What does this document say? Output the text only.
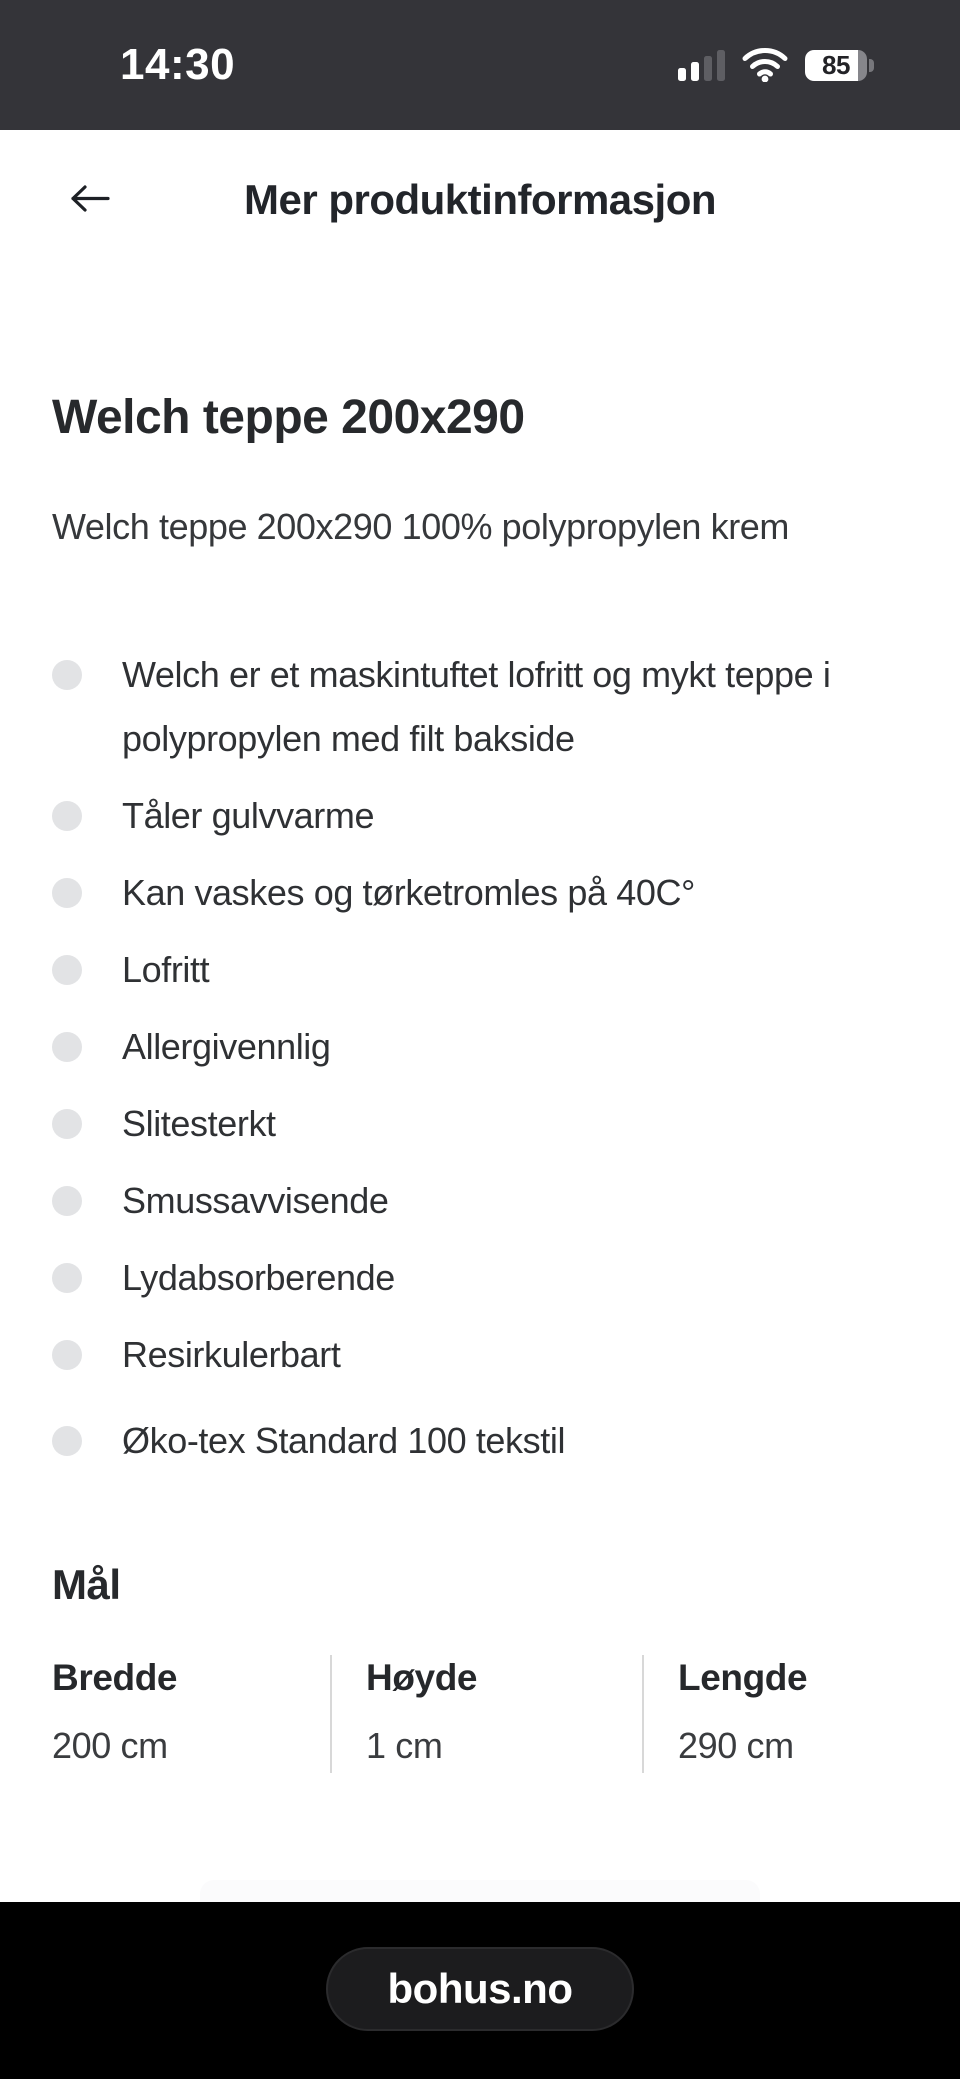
14:30	85
Mer produktinformasjon
Welch teppe 200x290

Welch teppe 200x290 100% polypropylen krem

Welch er et maskintuftet lofritt og mykt teppe i polypropylen med filt bakside
Tåler gulvvarme
Kan vaskes og tørketromles på 40C°
Lofritt
Allergivennlig
Slitesterkt
Smussavvisende
Lydabsorberende
Resirkulerbart
Øko-tex Standard 100 tekstil
Mål
Bredde
200 cm
Høyde
1 cm
Lengde
290 cm
bohus.no
